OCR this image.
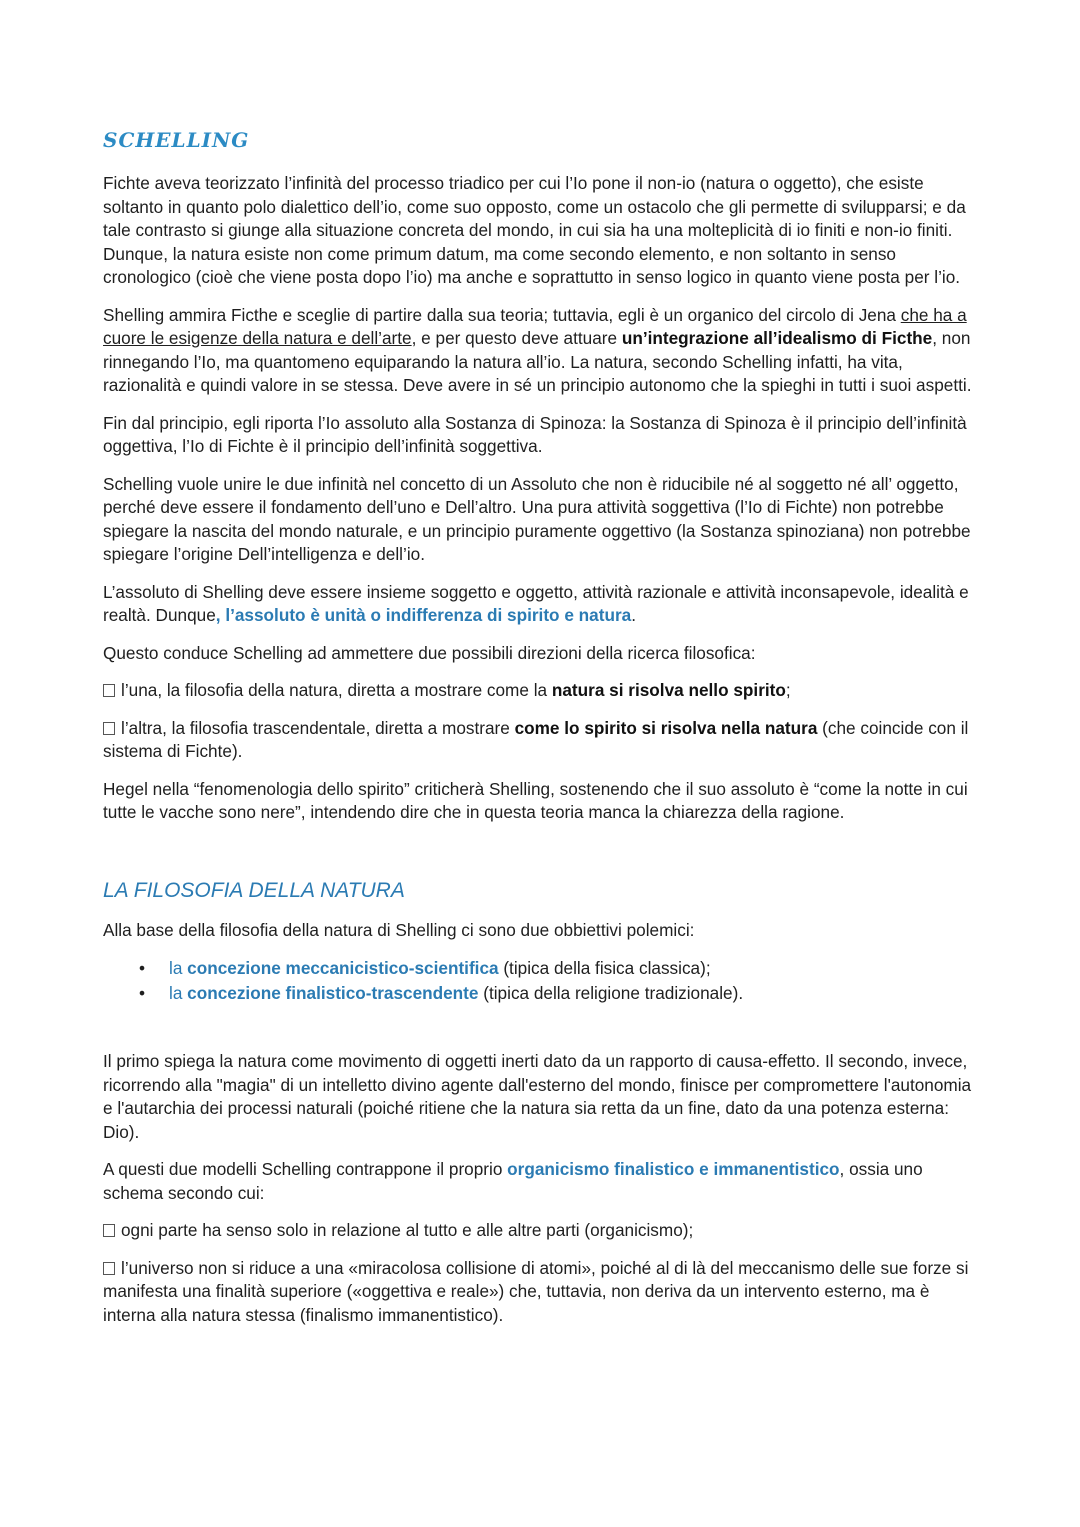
SCHELLING

Fichte aveva teorizzato l’infinità del processo triadico per cui l’Io pone il non-io (natura o oggetto), che esiste soltanto in quanto polo dialettico dell’io, come suo opposto, come un ostacolo che gli permette di svilupparsi; e da tale contrasto si giunge alla situazione concreta del mondo, in cui sia ha una molteplicità di io finiti e non-io finiti. Dunque, la natura esiste non come primum datum, ma come secondo elemento, e non soltanto in senso cronologico (cioè che viene posta dopo l’io) ma anche e soprattutto in senso logico in quanto viene posta per l’io.

Shelling ammira Ficthe e sceglie di partire dalla sua teoria; tuttavia, egli è un organico del circolo di Jena che ha a cuore le esigenze della natura e dell’arte, e per questo deve attuare un’integrazione all’idealismo di Ficthe, non rinnegando l’Io, ma quantomeno equiparando la natura all’io. La natura, secondo Schelling infatti, ha vita, razionalità e quindi valore in se stessa. Deve avere in sé un principio autonomo che la spieghi in tutti i suoi aspetti.

Fin dal principio, egli riporta l’Io assoluto alla Sostanza di Spinoza: la Sostanza di Spinoza è il principio dell’infinità oggettiva, l’Io di Fichte è il principio dell’infinità soggettiva.

Schelling vuole unire le due infinità nel concetto di un Assoluto che non è riducibile né al soggetto né all’ oggetto, perché deve essere il fondamento dell’uno e Dell’altro. Una pura attività soggettiva (l’Io di Fichte) non potrebbe spiegare la nascita del mondo naturale, e un principio puramente oggettivo (la Sostanza spinoziana) non potrebbe spiegare l’origine Dell’intelligenza e dell’io.

L’assoluto di Shelling deve essere insieme soggetto e oggetto, attività razionale e attività inconsapevole, idealità e realtà. Dunque, l’assoluto è unità o indifferenza di spirito e natura.

Questo conduce Schelling ad ammettere due possibili direzioni della ricerca filosofica:

l’una, la filosofia della natura, diretta a mostrare come la natura si risolva nello spirito;

l’altra, la filosofia trascendentale, diretta a mostrare come lo spirito si risolva nella natura (che coincide con il sistema di Fichte).

Hegel nella “fenomenologia dello spirito” criticherà Shelling, sostenendo che il suo assoluto è “come la notte in cui tutte le vacche sono nere”, intendendo dire che in questa teoria manca la chiarezza della ragione.

LA FILOSOFIA DELLA NATURA

Alla base della filosofia della natura di Shelling ci sono due obbiettivi polemici:

• la concezione meccanicistico-scientifica (tipica della fisica classica);
• la concezione finalistico-trascendente (tipica della religione tradizionale).

Il primo spiega la natura come movimento di oggetti inerti dato da un rapporto di causa-effetto. Il secondo, invece, ricorrendo alla "magia" di un intelletto divino agente dall'esterno del mondo, finisce per compromettere l'autonomia e l'autarchia dei processi naturali (poiché ritiene che la natura sia retta da un fine, dato da una potenza esterna: Dio).

A questi due modelli Schelling contrappone il proprio organicismo finalistico e immanentistico, ossia uno schema secondo cui:

ogni parte ha senso solo in relazione al tutto e alle altre parti (organicismo);

l’universo non si riduce a una «miracolosa collisione di atomi», poiché al di là del meccanismo delle sue forze si manifesta una finalità superiore («oggettiva e reale») che, tuttavia, non deriva da un intervento esterno, ma è interna alla natura stessa (finalismo immanentistico).
